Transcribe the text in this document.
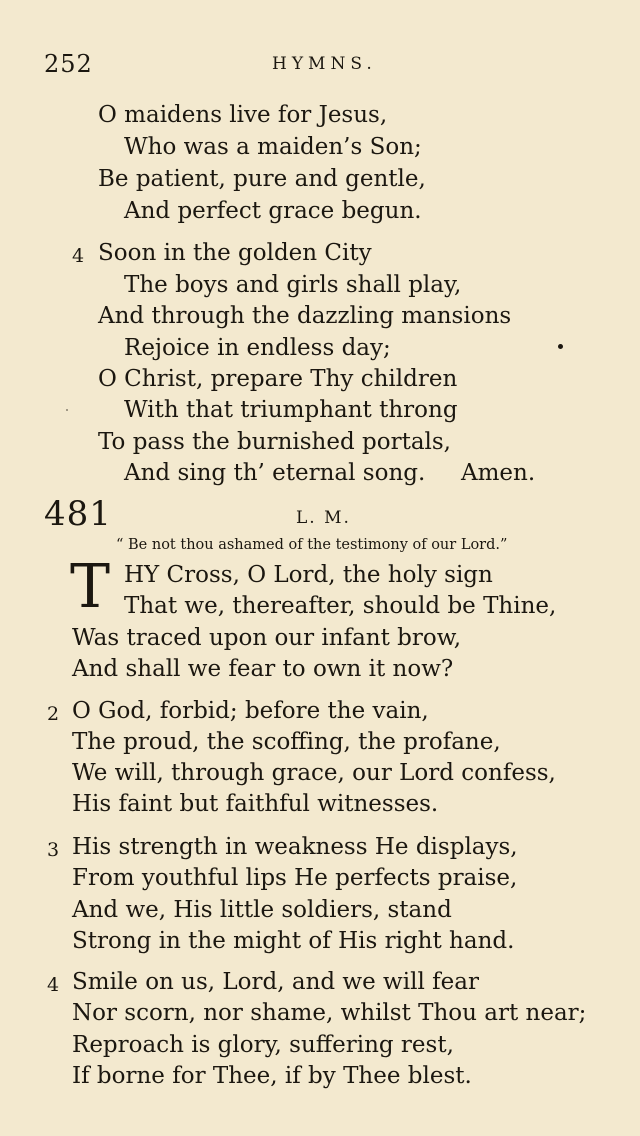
252	HYMNS.
O maidens live for Jesus,
Who was a maiden’s Son;
Be patient, pure and gentle,
And perfect grace begun.
4 Soon in the golden City
The boys and girls shall play,
And through the dazzling mansions
Rejoice in endless day;
O Christ, prepare Thy children
With that triumphant throng
To pass the burnished portals,
And sing th’ eternal song. Amen.
481	L. M.
“ Be not thou ashamed of the testimony of our Lord.”
T HY Cross, O Lord, the holy sign
That we, thereafter, should be Thine,
Was traced upon our infant brow,
And shall we fear to own it now?
2 O God, forbid; before the vain,
The proud, the scoffing, the profane,
We will, through grace, our Lord confess,
His faint but faithful witnesses.
3 His strength in weakness He displays,
From youthful lips He perfects praise,
And we, His little soldiers, stand
Strong in the might of His right hand.
4 Smile on us, Lord, and we will fear
Nor scorn, nor shame, whilst Thou art near;
Reproach is glory, suffering rest,
If borne for Thee, if by Thee blest.
